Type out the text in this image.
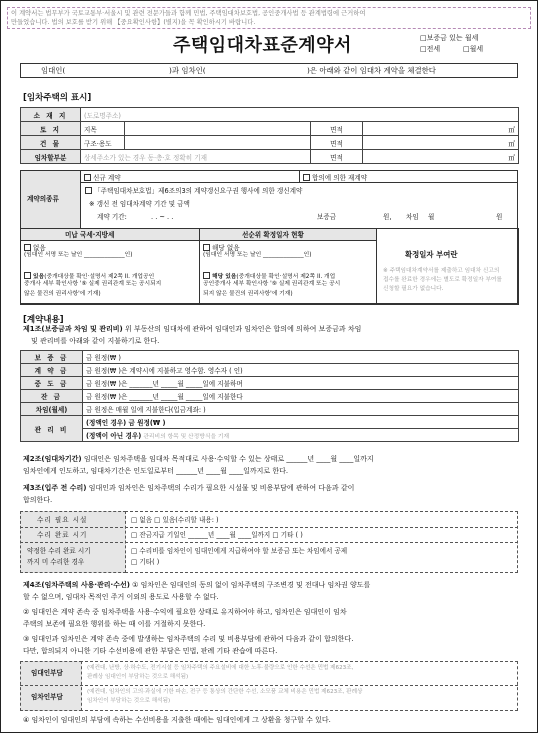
이 계약서는 법무부가 국토교통부·서울시 및 관련 전문가들과 함께 민법, 주택임대차보호법, 공인중개사법 등 관계법령에 근거하여
만들었습니다. 법의 보호를 받기 위해 【중요확인사항】(별지)을 꼭 확인하시기 바랍니다.
주택임대차표준계약서	□보증금 있는 월세
□전세	□월세
임대인(	)과 임차인(	)은 아래와 같이 임대차 계약을 체결한다
[임차주택의 표시]
소 재 지	(도로명주소)			
토 지	지목		면적	㎡
건 물	구조·용도		면적	㎡
임차할부분	상세주소가 있는 경우 동·층·호 정확히 기재		면적	㎡
계약의종류
신규 계약	합의에 의한 재계약
「주택임대차보호법」제6조의3의 계약갱신요구권 행사에 의한 갱신계약
※ 갱신 전 임대차계약 기간 및 금액
계약 기간:	. . ~ . .	보증금	원, 차임 월	원
미납 국세·지방세	선순위 확정일자 현황
확정일자 부여란
※ 주택임대차계약서를 제출하고 임대차 신고의
접수를 완료한 경우에는 별도로 확정일자 부여를
신청할 필요가 없습니다.
없음
(임대인 서명 또는 날인 ______________인)
있음(중개대상물 확인·설명서 제2쪽 II. 개업공인
중개사 세부 확인사항 '⑨ 실제 권리관계 또는 공시되지
않은 물건의 권리사항'에 기재)
해당 없음
(임대인 서명 또는 날인 ______________인)
해당 있음(중개대상물 확인·설명서 제2쪽 II. 개업
공인중개사 세부 확인사항 '⑨ 실제 권리관계 또는 공시
되지 않은 물건의 권리사항'에 기재)
[계약내용]
제1조(보증금과 차임 및 관리비) 위 부동산의 임대차에 관하여 임대인과 임차인은 합의에 의하여 보증금과 차임
및 관리비를 아래와 같이 지불하기로 한다.
보 증 금	금 원정(₩ )
계 약 금	금 원정(₩ )은 계약시에 지불하고 영수함. 영수자 ( 인)
중 도 금	금 원정(₩ )은 _______년 _____월 _____일에 지불하며
잔 금	금 원정(₩ )은 _______년 _____월 _____일에 지불한다
차임(월세)	금 원정은 매월 일에 지불한다(입금계좌: )
관 리 비	(정액인 경우) 금 원정(₩ )
	(정액이 아닌 경우) 관리비의 항목 및 산정방식을 기재
제2조(임대차기간) 임대인은 임차주택을 임대차 목적대로 사용·수익할 수 있는 상태로 ______년 ____월 ____일까지
임차인에게 인도하고, 임대차기간은 인도일로부터 ______년 ____월 ____일까지로 한다.
제3조(입주 전 수리) 임대인과 임차인은 임차주택의 수리가 필요한 시설물 및 비용부담에 관하여 다음과 같이
합의한다.
수리 필요 시설	□ 없음 □ 있음(수리할 내용: )
수리 완료 시기	□ 잔금지급 기일인 ______년 ____월 ____일까지 □ 기타 ( )
약정한 수리 완료 시기
까지 미 수리한 경우
□ 수리비를 임차인이 임대인에게 지급하여야 할 보증금 또는 차임에서 공제
□ 기타( )
제4조(임차주택의 사용·관리·수선) ① 임차인은 임대인의 동의 없이 임차주택의 구조변경 및 전대나 임차권 양도를
할 수 없으며, 임대차 목적인 주거 이외의 용도로 사용할 수 없다.
② 임대인은 계약 존속 중 임차주택을 사용·수익에 필요한 상태로 유지하여야 하고, 임차인은 임대인이 임차
주택의 보존에 필요한 행위를 하는 때 이를 거절하지 못한다.
③ 임대인과 임차인은 계약 존속 중에 발생하는 임차주택의 수리 및 비용부담에 관하여 다음과 같이 합의한다.
다만, 합의되지 아니한 기타 수선비용에 관한 부담은 민법, 판례 기타 관습에 따른다.
임대인부담
(예컨대, 난방, 상·하수도, 전기시설 등 임차주택의 주요설비에 대한 노후·불량으로 인한 수선은 민법 제623조,
판례상 임대인이 부담하는 것으로 해석됨)
임차인부담
(예컨대, 임차인의 고의·과실에 기한 파손, 전구 등 통상의 간단한 수선, 소모품 교체 비용은 민법 제623조, 판례상
임차인이 부담하는 것으로 해석됨)
④ 임차인이 임대인의 부담에 속하는 수선비용을 지출한 때에는 임대인에게 그 상환을 청구할 수 있다.
